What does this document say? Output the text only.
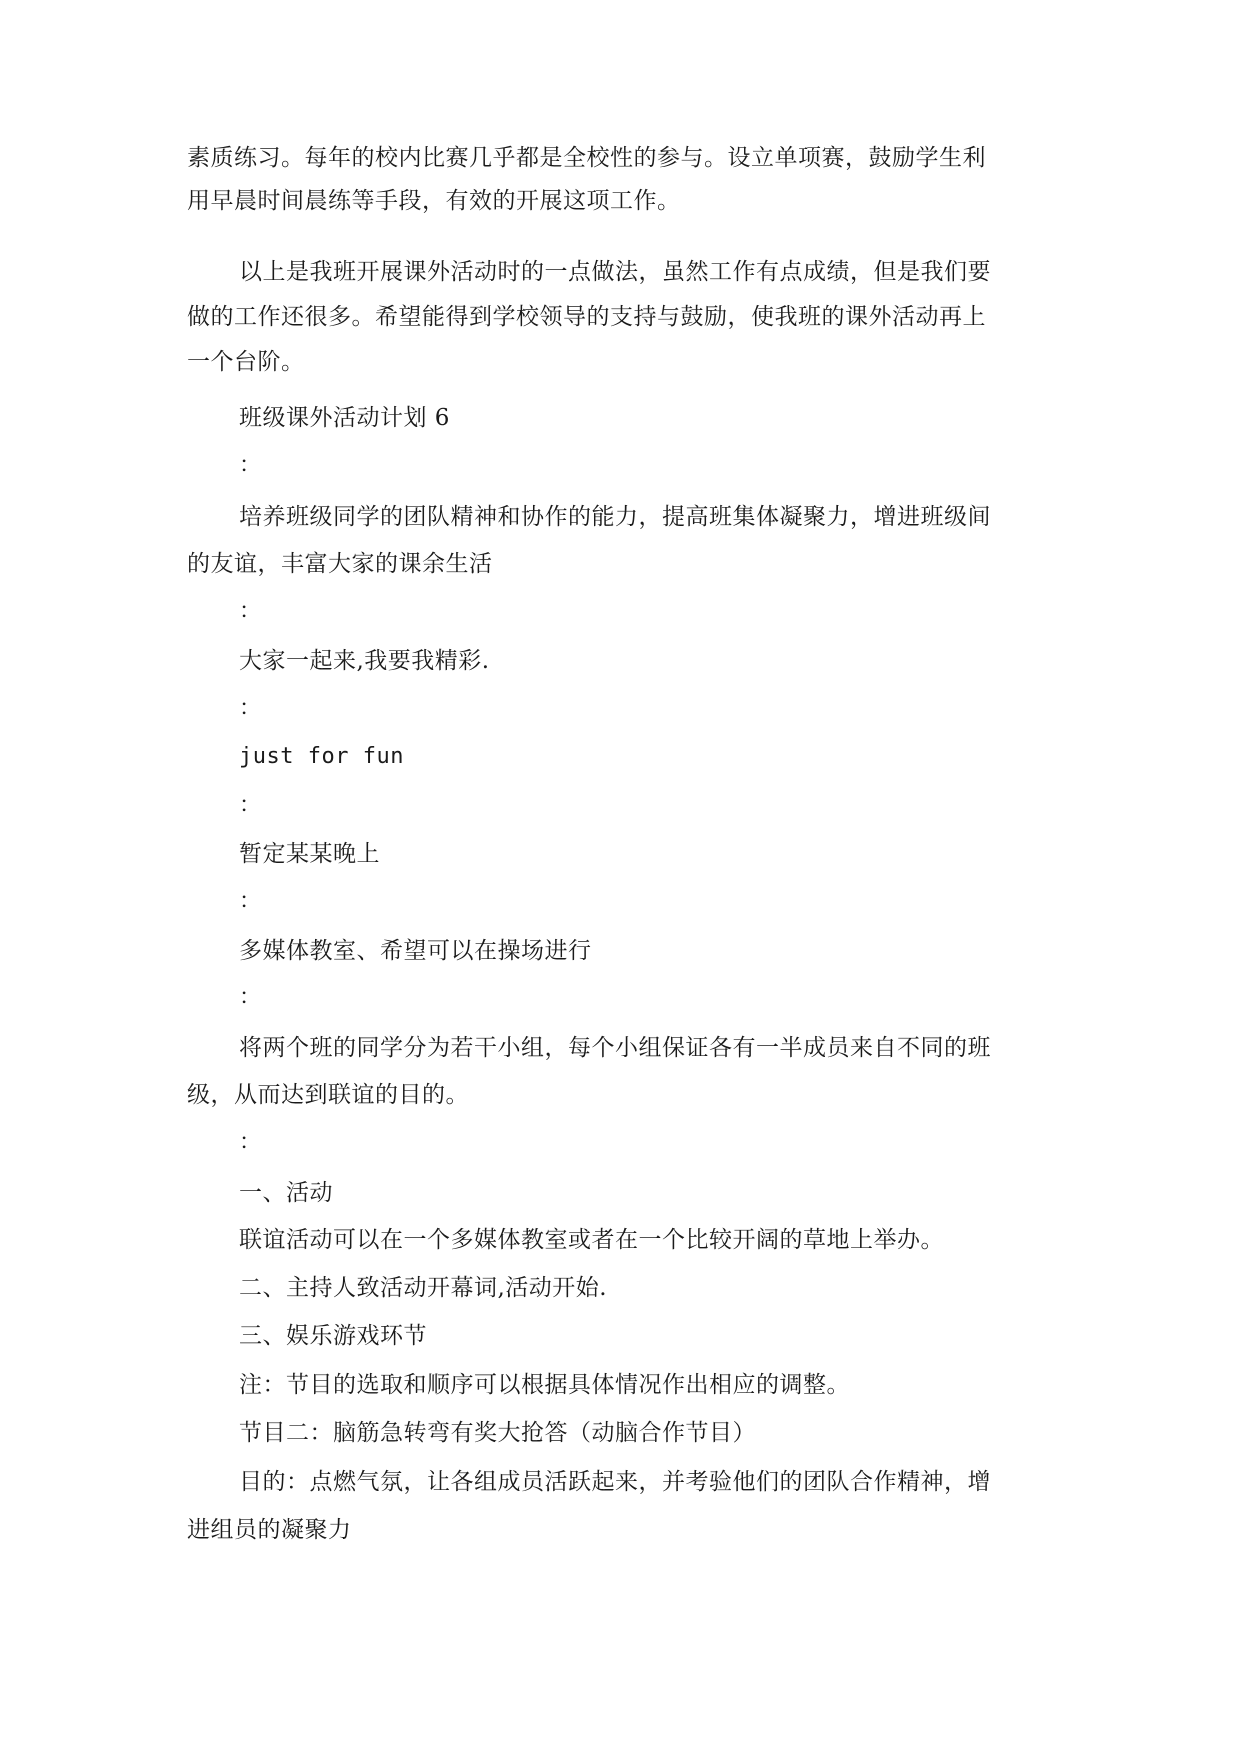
素质练习。每年的校内比赛几乎都是全校性的参与。设立单项赛，鼓励学生利
用早晨时间晨练等手段，有效的开展这项工作。
以上是我班开展课外活动时的一点做法，虽然工作有点成绩，但是我们要
做的工作还很多。希望能得到学校领导的支持与鼓励，使我班的课外活动再上
一个台阶。
班级课外活动计划 6
：
培养班级同学的团队精神和协作的能力，提高班集体凝聚力，增进班级间
的友谊，丰富大家的课余生活
：
大家一起来,我要我精彩.
：
just for fun
：
暂定某某晚上
：
多媒体教室、希望可以在操场进行
：
将两个班的同学分为若干小组，每个小组保证各有一半成员来自不同的班
级，从而达到联谊的目的。
：
一、活动
联谊活动可以在一个多媒体教室或者在一个比较开阔的草地上举办。
二、主持人致活动开幕词,活动开始.
三、娱乐游戏环节
注：节目的选取和顺序可以根据具体情况作出相应的调整。
节目二：脑筋急转弯有奖大抢答（动脑合作节目）
目的：点燃气氛，让各组成员活跃起来，并考验他们的团队合作精神，增
进组员的凝聚力
